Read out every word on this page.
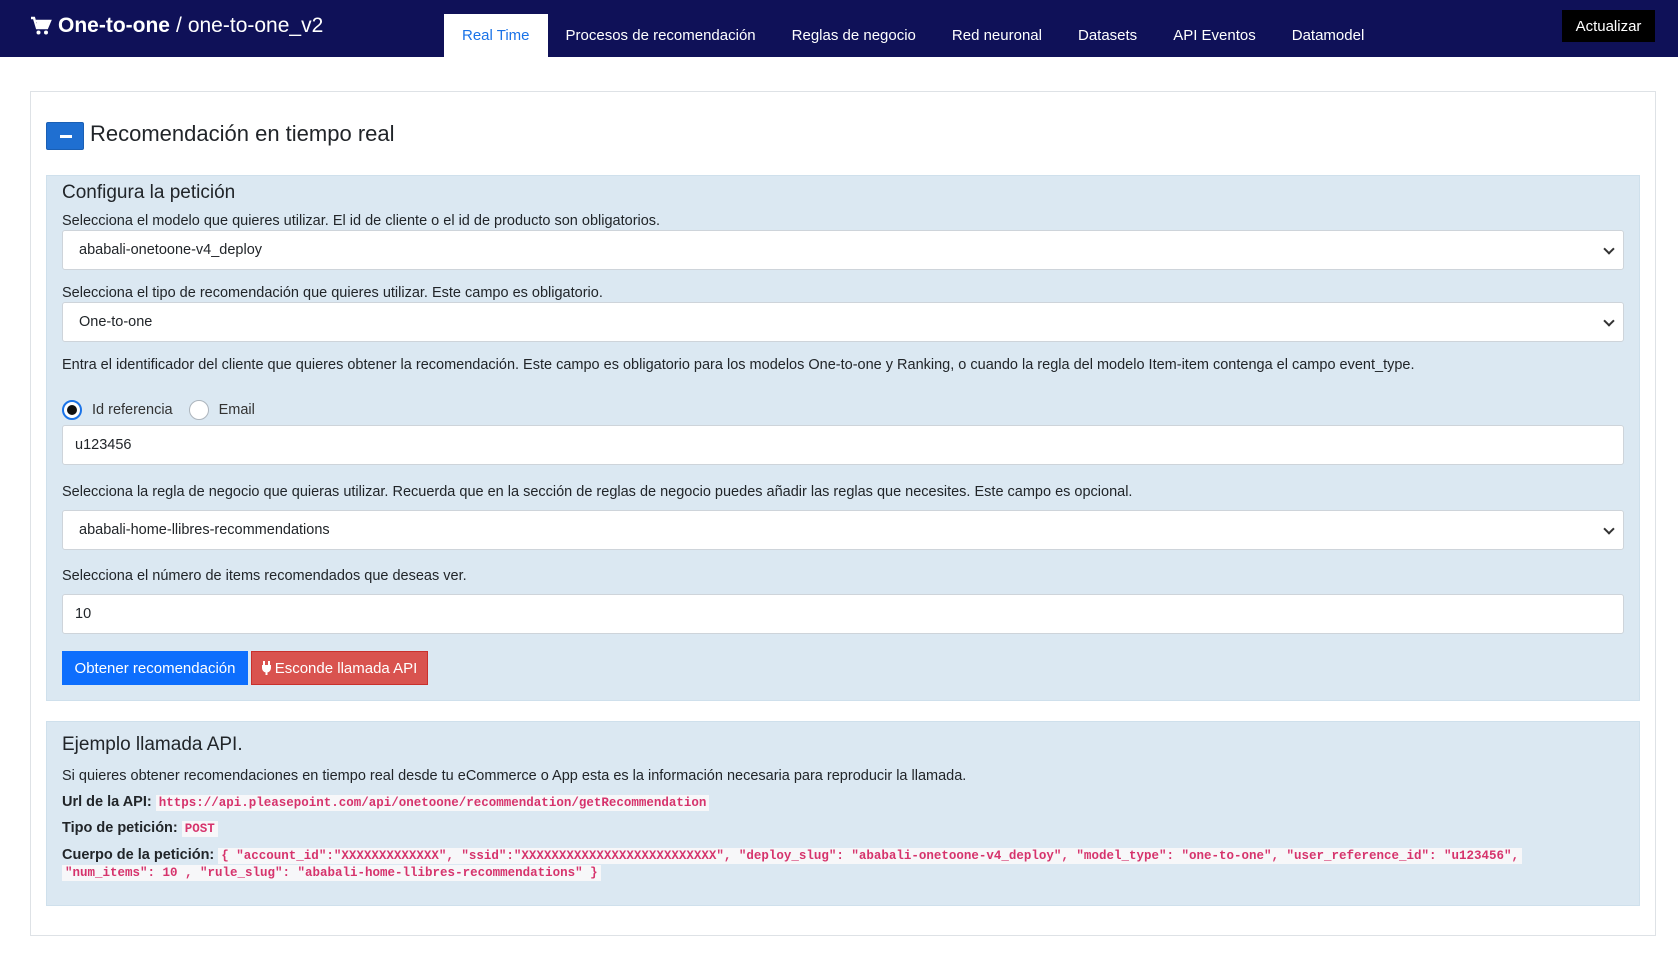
One-to-one / one-to-one_v2	Real Time	Procesos de recomendación	Reglas de negocio	Red neuronal	Datasets	API Eventos	Datamodel
Actualizar
Recomendación en tiempo real
Configura la petición
Selecciona el modelo que quieres utilizar. El id de cliente o el id de producto son obligatorios.
ababali-onetoone-v4_deploy
Selecciona el tipo de recomendación que quieres utilizar. Este campo es obligatorio.
One-to-one
Entra el identificador del cliente que quieres obtener la recomendación. Este campo es obligatorio para los modelos One-to-one y Ranking, o cuando la regla del modelo Item-item contenga el campo event_type.
Id referencia	Email
u123456
Selecciona la regla de negocio que quieras utilizar. Recuerda que en la sección de reglas de negocio puedes añadir las reglas que necesites. Este campo es opcional.
ababali-home-llibres-recommendations
Selecciona el número de items recomendados que deseas ver.
10
Obtener recomendación	Esconde llamada API
Ejemplo llamada API.
Si quieres obtener recomendaciones en tiempo real desde tu eCommerce o App esta es la información necesaria para reproducir la llamada.
Url de la API: https://api.pleasepoint.com/api/onetoone/recommendation/getRecommendation
Tipo de petición: POST
Cuerpo de la petición: { "account_id":"XXXXXXXXXXXXX", "ssid":"XXXXXXXXXXXXXXXXXXXXXXXXXX", "deploy_slug": "ababali-onetoone-v4_deploy", "model_type": "one-to-one", "user_reference_id": "u123456",
"num_items": 10 , "rule_slug": "ababali-home-llibres-recommendations" }
